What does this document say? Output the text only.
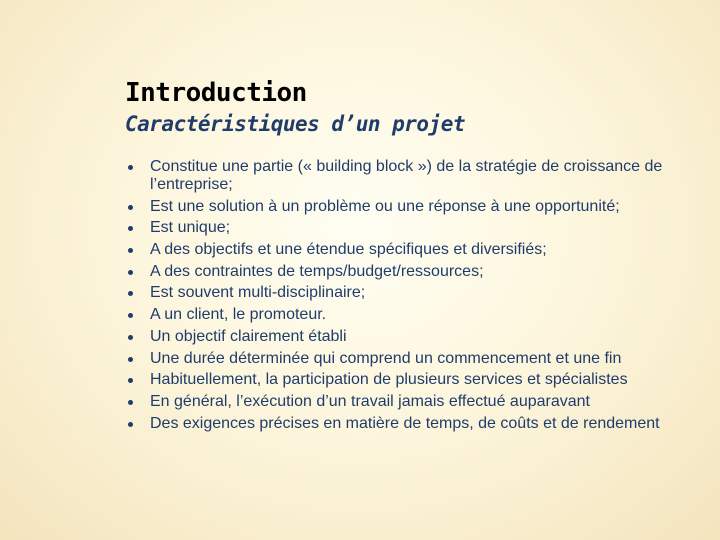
Introduction
Caractéristiques d’un projet
Constitue une partie (« building block ») de la stratégie de croissance de l’entreprise;
Est une solution à un problème ou une réponse à une opportunité;
Est unique;
A des objectifs et une étendue spécifiques et diversifiés;
A des contraintes de temps/budget/ressources;
Est souvent multi-disciplinaire;
A un client, le promoteur.
Un objectif clairement établi
Une durée déterminée qui comprend un commencement et une fin
Habituellement, la participation de plusieurs services et spécialistes
En général, l’exécution d’un travail jamais effectué auparavant
Des exigences précises en matière de temps, de coûts et de rendement
